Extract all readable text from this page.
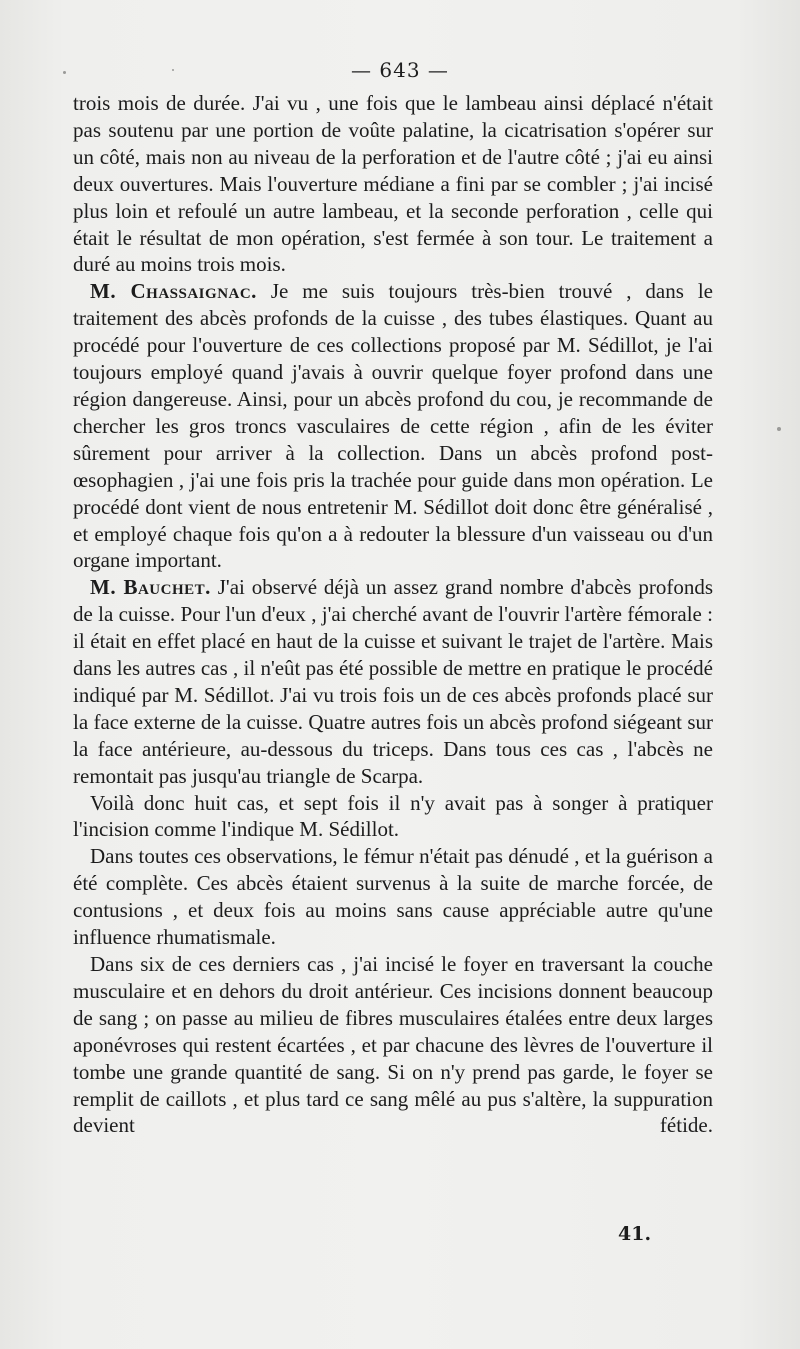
— 643 —

trois mois de durée. J'ai vu , une fois que le lambeau ainsi déplacé n'était pas soutenu par une portion de voûte palatine, la cicatrisation s'opérer sur un côté, mais non au niveau de la perforation et de l'autre côté ; j'ai eu ainsi deux ouvertures. Mais l'ouverture médiane a fini par se combler ; j'ai incisé plus loin et refoulé un autre lambeau, et la seconde perforation , celle qui était le résultat de mon opération, s'est fermée à son tour. Le traitement a duré au moins trois mois.

M. Chassaignac. Je me suis toujours très-bien trouvé , dans le traitement des abcès profonds de la cuisse , des tubes élastiques. Quant au procédé pour l'ouverture de ces collections proposé par M. Sédillot, je l'ai toujours employé quand j'avais à ouvrir quelque foyer profond dans une région dangereuse. Ainsi, pour un abcès profond du cou, je recommande de chercher les gros troncs vasculaires de cette région , afin de les éviter sûrement pour arriver à la collection. Dans un abcès profond post-œsophagien , j'ai une fois pris la trachée pour guide dans mon opération. Le procédé dont vient de nous entretenir M. Sédillot doit donc être généralisé , et employé chaque fois qu'on a à redouter la blessure d'un vaisseau ou d'un organe important.

M. Bauchet. J'ai observé déjà un assez grand nombre d'abcès profonds de la cuisse. Pour l'un d'eux , j'ai cherché avant de l'ouvrir l'artère fémorale : il était en effet placé en haut de la cuisse et suivant le trajet de l'artère. Mais dans les autres cas , il n'eût pas été possible de mettre en pratique le procédé indiqué par M. Sédillot. J'ai vu trois fois un de ces abcès profonds placé sur la face externe de la cuisse. Quatre autres fois un abcès profond siégeant sur la face antérieure, au-dessous du triceps. Dans tous ces cas , l'abcès ne remontait pas jusqu'au triangle de Scarpa.

Voilà donc huit cas, et sept fois il n'y avait pas à songer à pratiquer l'incision comme l'indique M. Sédillot.

Dans toutes ces observations, le fémur n'était pas dénudé , et la guérison a été complète. Ces abcès étaient survenus à la suite de marche forcée, de contusions , et deux fois au moins sans cause appréciable autre qu'une influence rhumatismale.

Dans six de ces derniers cas , j'ai incisé le foyer en traversant la couche musculaire et en dehors du droit antérieur. Ces incisions donnent beaucoup de sang ; on passe au milieu de fibres musculaires étalées entre deux larges aponévroses qui restent écartées , et par chacune des lèvres de l'ouverture il tombe une grande quantité de sang. Si on n'y prend pas garde, le foyer se remplit de caillots , et plus tard ce sang mêlé au pus s'altère, la suppuration devient fétide.

41.
